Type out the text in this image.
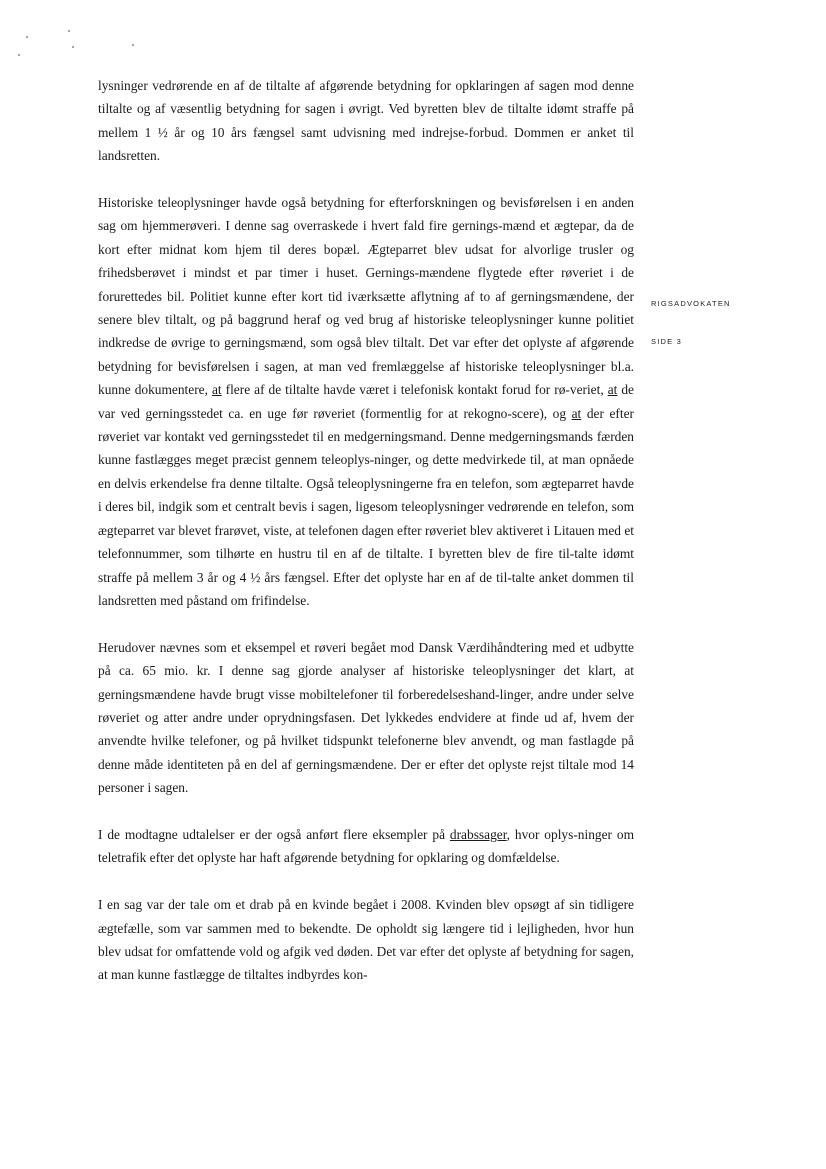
RIGSADVOKATEN
SIDE 3

lysninger vedrørende en af de tiltalte af afgørende betydning for opklaringen af sagen mod denne tiltalte og af væsentlig betydning for sagen i øvrigt. Ved byretten blev de tiltalte idømt straffe på mellem 1 ½ år og 10 års fængsel samt udvisning med indrejse-forbud. Dommen er anket til landsretten.

Historiske teleoplysninger havde også betydning for efterforskningen og bevisførelsen i en anden sag om hjemmerøveri. I denne sag overraskede i hvert fald fire gernings-mænd et ægtepar, da de kort efter midnat kom hjem til deres bopæl. Ægteparret blev udsat for alvorlige trusler og frihedsberøvet i mindst et par timer i huset. Gernings-mændene flygtede efter røveriet i de forurettedes bil. Politiet kunne efter kort tid iværksætte aflytning af to af gerningsmændene, der senere blev tiltalt, og på baggrund heraf og ved brug af historiske teleoplysninger kunne politiet indkredse de øvrige to gerningsmænd, som også blev tiltalt. Det var efter det oplyste af afgørende betydning for bevisførelsen i sagen, at man ved fremlæggelse af historiske teleoplysninger bl.a. kunne dokumentere, at flere af de tiltalte havde været i telefonisk kontakt forud for rø-veriet, at de var ved gerningsstedet ca. en uge før røveriet (formentlig for at rekogno-scere), og at der efter røveriet var kontakt ved gerningsstedet til en medgerningsmand. Denne medgerningsmands færden kunne fastlægges meget præcist gennem teleoplys-ninger, og dette medvirkede til, at man opnåede en delvis erkendelse fra denne tiltalte. Også teleoplysningerne fra en telefon, som ægteparret havde i deres bil, indgik som et centralt bevis i sagen, ligesom teleoplysninger vedrørende en telefon, som ægteparret var blevet frarøvet, viste, at telefonen dagen efter røveriet blev aktiveret i Litauen med et telefonnummer, som tilhørte en hustru til en af de tiltalte. I byretten blev de fire til-talte idømt straffe på mellem 3 år og 4 ½ års fængsel. Efter det oplyste har en af de til-talte anket dommen til landsretten med påstand om frifindelse.

Herudover nævnes som et eksempel et røveri begået mod Dansk Værdihåndtering med et udbytte på ca. 65 mio. kr. I denne sag gjorde analyser af historiske teleoplysninger det klart, at gerningsmændene havde brugt visse mobiltelefoner til forberedelseshand-linger, andre under selve røveriet og atter andre under oprydningsfasen. Det lykkedes endvidere at finde ud af, hvem der anvendte hvilke telefoner, og på hvilket tidspunkt telefonerne blev anvendt, og man fastlagde på denne måde identiteten på en del af gerningsmændene. Der er efter det oplyste rejst tiltale mod 14 personer i sagen.

I de modtagne udtalelser er der også anført flere eksempler på drabssager, hvor oplys-ninger om teletrafik efter det oplyste har haft afgørende betydning for opklaring og domfældelse.

I en sag var der tale om et drab på en kvinde begået i 2008. Kvinden blev opsøgt af sin tidligere ægtefælle, som var sammen med to bekendte. De opholdt sig længere tid i lejligheden, hvor hun blev udsat for omfattende vold og afgik ved døden. Det var efter det oplyste af betydning for sagen, at man kunne fastlægge de tiltaltes indbyrdes kon-
